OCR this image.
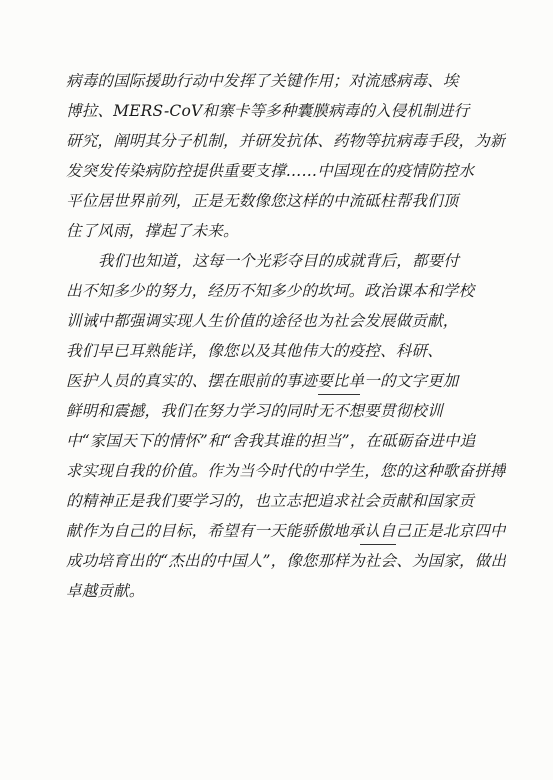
病毒的国际援助行动中发挥了关键作用；对流感病毒、埃
博拉、MERS-CoV和寨卡等多种囊膜病毒的入侵机制进行
研究，阐明其分子机制，并研发抗体、药物等抗病毒手段，为新
发突发传染病防控提供重要支撑……中国现在的疫情防控水
平位居世界前列，正是无数像您这样的中流砥柱帮我们顶
住了风雨，撑起了未来。
我们也知道，这每一个光彩夺目的成就背后，都要付
出不知多少的努力，经历不知多少的坎坷。政治课本和学校
训诫中都强调实现人生价值的途径也为社会发展做贡献，
我们早已耳熟能详，像您以及其他伟大的疫控、科研、
医护人员的真实的、摆在眼前的事迹要比单一的文字更加
鲜明和震撼，我们在努力学习的同时无不想要贯彻校训
中“家国天下的情怀”和“舍我其谁的担当”，在砥砺奋进中追
求实现自我的价值。作为当今时代的中学生，您的这种歌奋拼搏
的精神正是我们要学习的，也立志把追求社会贡献和国家贡
献作为自己的目标，希望有一天能骄傲地承认自己正是北京四中
成功培育出的“杰出的中国人”，像您那样为社会、为国家，做出
卓越贡献。
